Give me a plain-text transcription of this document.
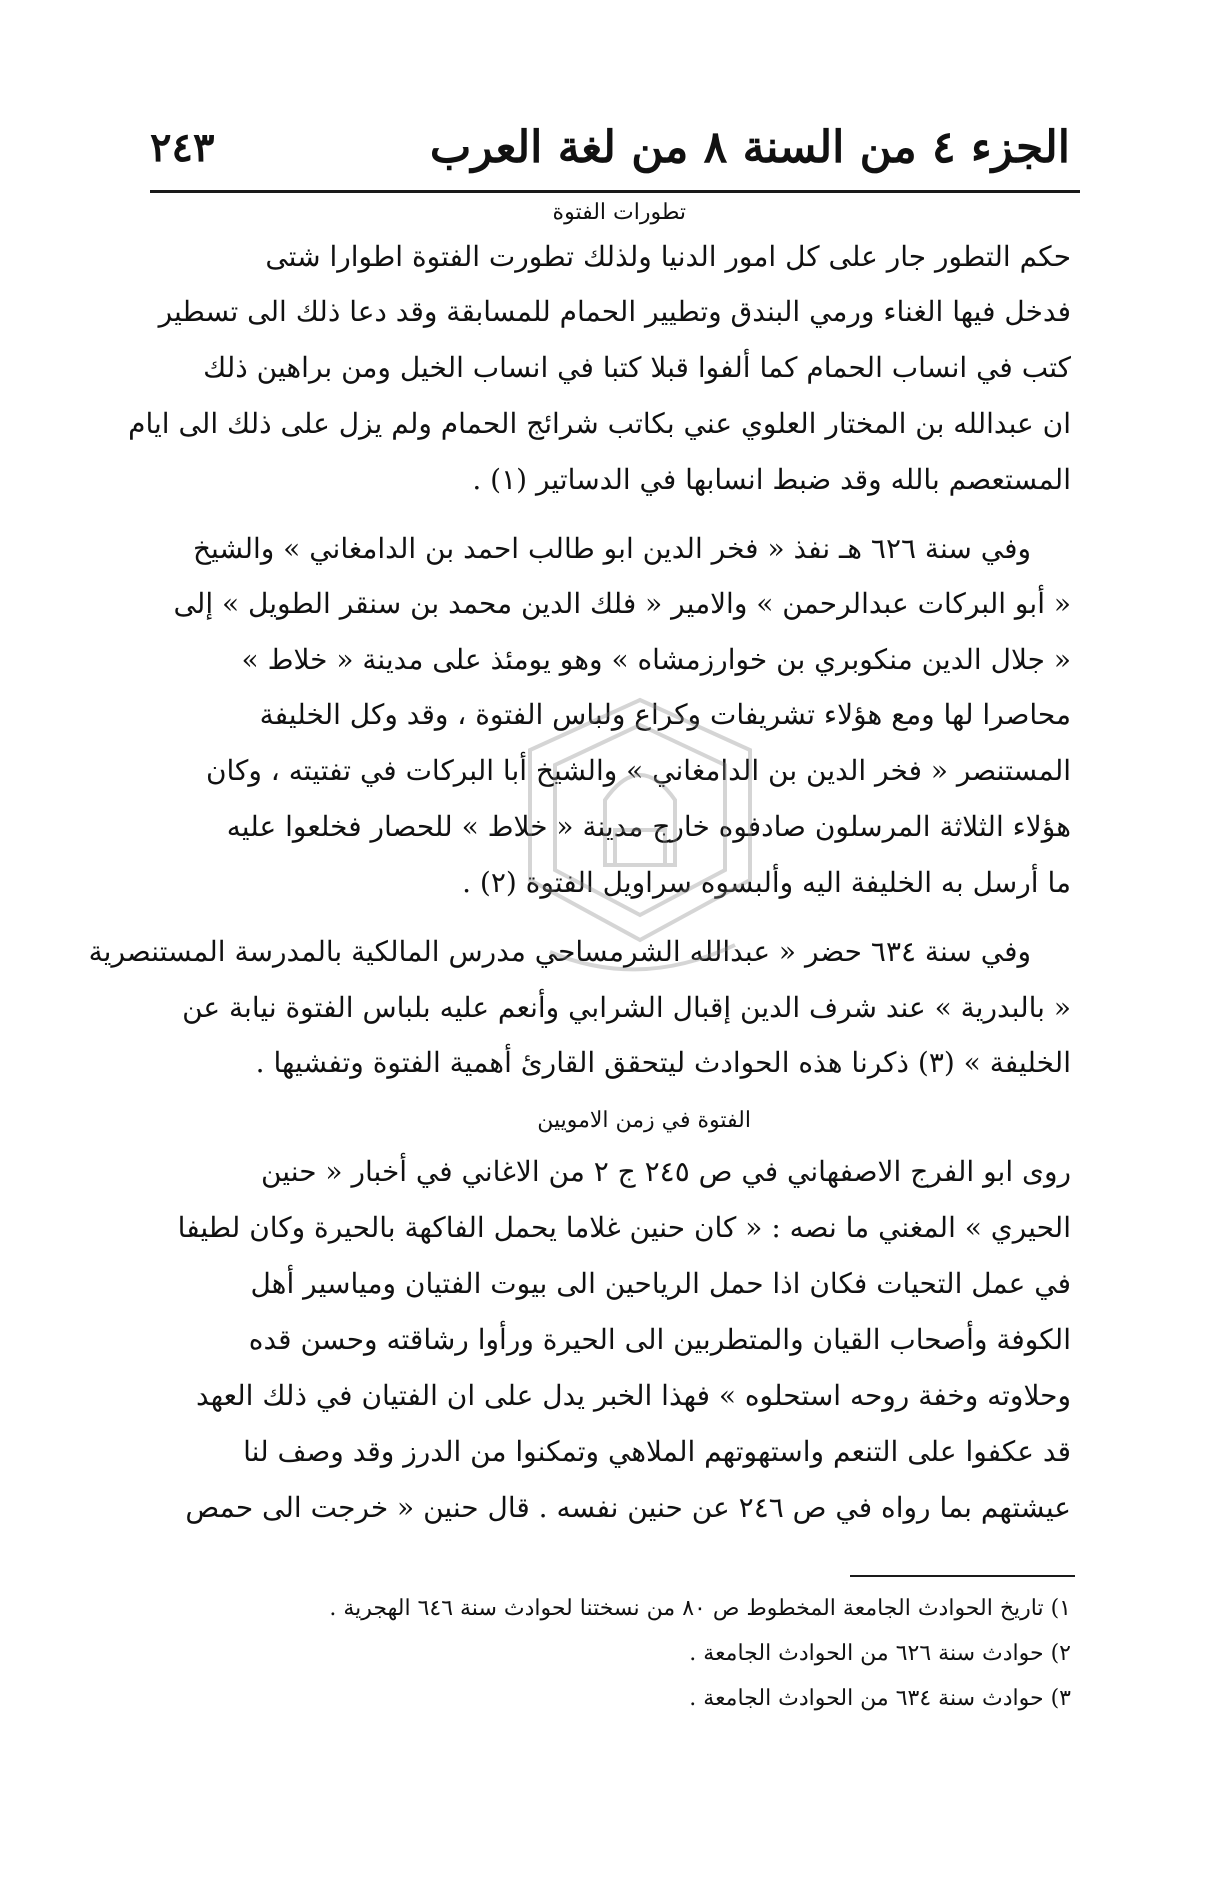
الجزء ٤ من السنة ٨ من لغة العرب
٢٤٣
تطورات الفتوة
حكم التطور جار على كل امور الدنيا ولذلك تطورت الفتوة اطوارا شتى
فدخل فيها الغناء ورمي البندق وتطيير الحمام للمسابقة وقد دعا ذلك الى تسطير
كتب في انساب الحمام كما ألفوا قبلا كتبا في انساب الخيل ومن براهين ذلك
ان عبدالله بن المختار العلوي عني بكاتب شرائج الحمام ولم يزل على ذلك الى ايام
المستعصم بالله وقد ضبط انسابها في الدساتير (١) .
وفي سنة ٦٢٦ هـ نفذ « فخر الدين ابو طالب احمد بن الدامغاني » والشيخ
« أبو البركات عبدالرحمن » والامير « فلك الدين محمد بن سنقر الطويل » إلى
« جلال الدين منكوبري بن خوارزمشاه » وهو يومئذ على مدينة « خلاط »
محاصرا لها ومع هؤلاء تشريفات وكراع ولباس الفتوة ، وقد وكل الخليفة
المستنصر « فخر الدين بن الدامغاني » والشيخ أبا البركات في تفتيته ، وكان
هؤلاء الثلاثة المرسلون صادفوه خارج مدينة « خلاط » للحصار فخلعوا عليه
ما أرسل به الخليفة اليه وألبسوه سراويل الفتوة (٢) .
وفي سنة ٦٣٤ حضر « عبدالله الشرمساحي مدرس المالكية بالمدرسة المستنصرية
« بالبدرية » عند شرف الدين إقبال الشرابي وأنعم عليه بلباس الفتوة نيابة عن
الخليفة » (٣) ذكرنا هذه الحوادث ليتحقق القارئ أهمية الفتوة وتفشيها .
الفتوة في زمن الامويين
روى ابو الفرج الاصفهاني في ص ٢٤٥ ج ٢ من الاغاني في أخبار « حنين
الحيري » المغني ما نصه : « كان حنين غلاما يحمل الفاكهة بالحيرة وكان لطيفا
في عمل التحيات فكان اذا حمل الرياحين الى بيوت الفتيان ومياسير أهل
الكوفة وأصحاب القيان والمتطربين الى الحيرة ورأوا رشاقته وحسن قده
وحلاوته وخفة روحه استحلوه » فهذا الخبر يدل على ان الفتيان في ذلك العهد
قد عكفوا على التنعم واستهوتهم الملاهي وتمكنوا من الدرز وقد وصف لنا
عيشتهم بما رواه في ص ٢٤٦ عن حنين نفسه . قال حنين « خرجت الى حمص
١) تاريخ الحوادث الجامعة المخطوط ص ٨٠ من نسختنا لحوادث سنة ٦٤٦ الهجرية .
٢) حوادث سنة ٦٢٦ من الحوادث الجامعة .
٣) حوادث سنة ٦٣٤ من الحوادث الجامعة .
